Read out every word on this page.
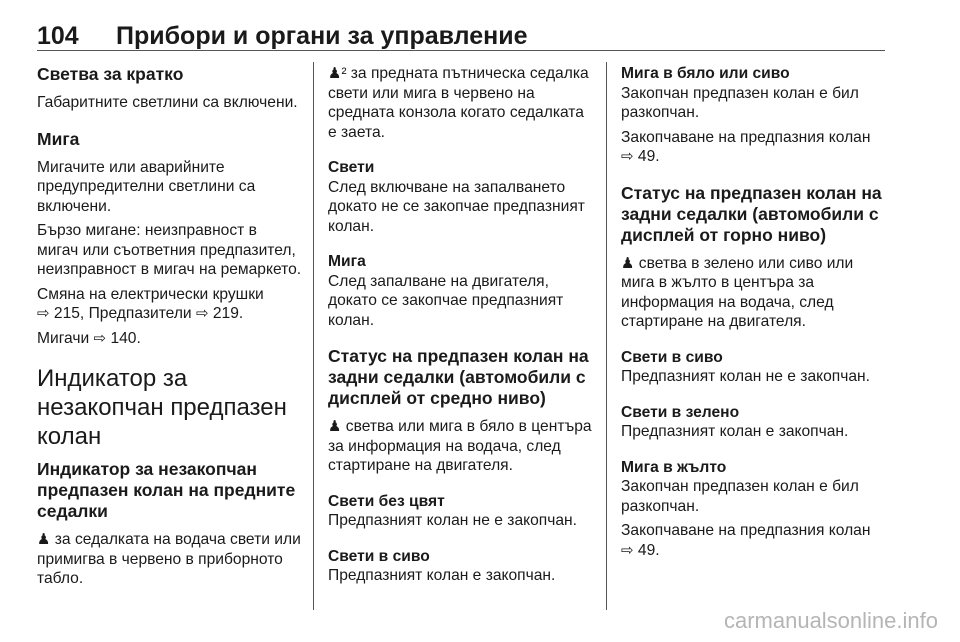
104 Прибори и органи за управление
Светва за кратко

Габаритните светлини са включени.

Мига

Мигачите или аварийните предупредителни светлини са включени.

Бързо мигане: неизправност в мигач или съответния предпазител, неизправност в мигач на ремаркето.

Смяна на електрически крушки
⇨ 215, Предпазители ⇨ 219.

Мигачи ⇨ 140.

Индикатор за незакопчан предпазен колан
Индикатор за незакопчан предпазен колан на предните седалки

♟ за седалката на водача свети или примигва в червено в приборното табло.

♟² за предната пътническа седалка свети или мига в червено на средната конзола когато седалката е заета.

Свети

След включване на запалването докато не се закопчае предпазният колан.

Мига

След запалване на двигателя, докато се закопчае предпазният колан.

Статус на предпазен колан на задни седалки (автомобили с дисплей от средно ниво)

♟ светва или мига в бяло в центъра за информация на водача, след стартиране на двигателя.

Свети без цвят

Предпазният колан не е закопчан.

Свети в сиво

Предпазният колан е закопчан.

Мига в бяло или сиво

Закопчан предпазен колан е бил разкопчан.

Закопчаване на предпазния колан
⇨ 49.

Статус на предпазен колан на задни седалки (автомобили с дисплей от горно ниво)

♟ светва в зелено или сиво или мига в жълто в центъра за информация на водача, след стартиране на двигателя.

Свети в сиво

Предпазният колан не е закопчан.

Свети в зелено

Предпазният колан е закопчан.

Мига в жълто

Закопчан предпазен колан е бил разкопчан.

Закопчаване на предпазния колан
⇨ 49.

carmanualsonline.info
